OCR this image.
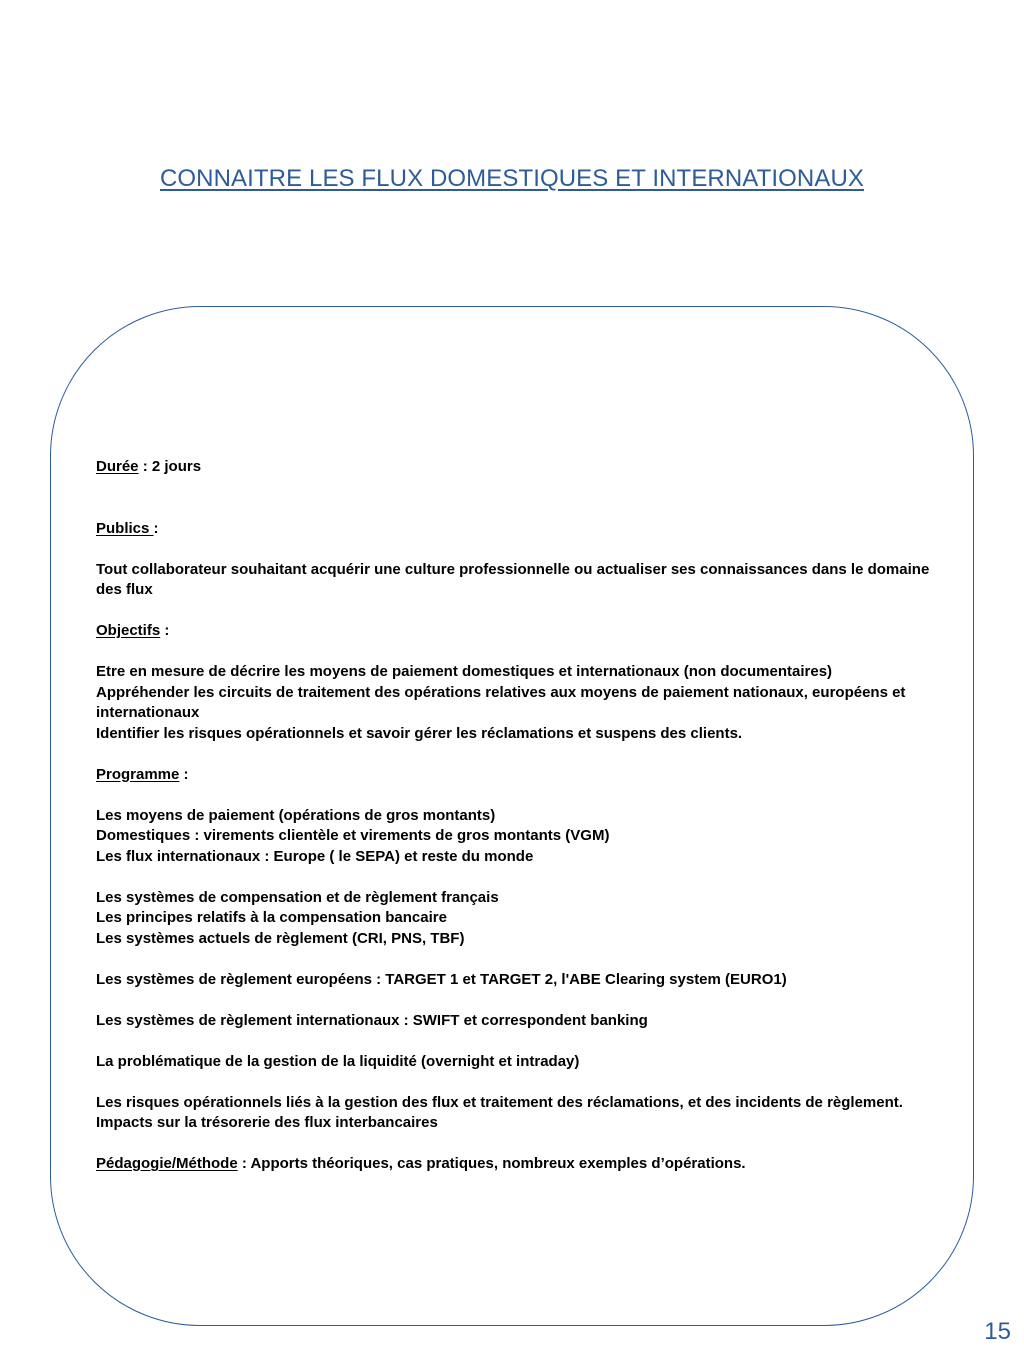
CONNAITRE LES FLUX DOMESTIQUES ET INTERNATIONAUX

Durée : 2 jours

Publics :

Tout collaborateur souhaitant acquérir une culture professionnelle ou actualiser ses connaissances dans le domaine des flux

Objectifs :

Etre en mesure de décrire les moyens de paiement domestiques et internationaux (non documentaires)

Appréhender les circuits de traitement des opérations relatives aux moyens de paiement nationaux, européens et internationaux

Identifier les risques opérationnels et savoir gérer les réclamations et suspens des clients.

Programme :

Les moyens de paiement (opérations de gros montants)

Domestiques : virements clientèle et virements de gros montants (VGM)

Les flux internationaux : Europe ( le SEPA) et reste du monde

Les systèmes de compensation et de règlement français

Les principes relatifs à la compensation bancaire

Les systèmes actuels de règlement (CRI, PNS, TBF)

Les systèmes de règlement européens : TARGET 1 et TARGET 2, l'ABE Clearing system (EURO1)

Les systèmes de règlement internationaux : SWIFT et correspondent banking

La problématique de la gestion de la liquidité (overnight et intraday)

Les risques opérationnels liés à la gestion des flux et traitement des réclamations, et des incidents de règlement.

Impacts sur la trésorerie des flux interbancaires

Pédagogie/Méthode : Apports théoriques, cas pratiques, nombreux exemples d’opérations.

15
